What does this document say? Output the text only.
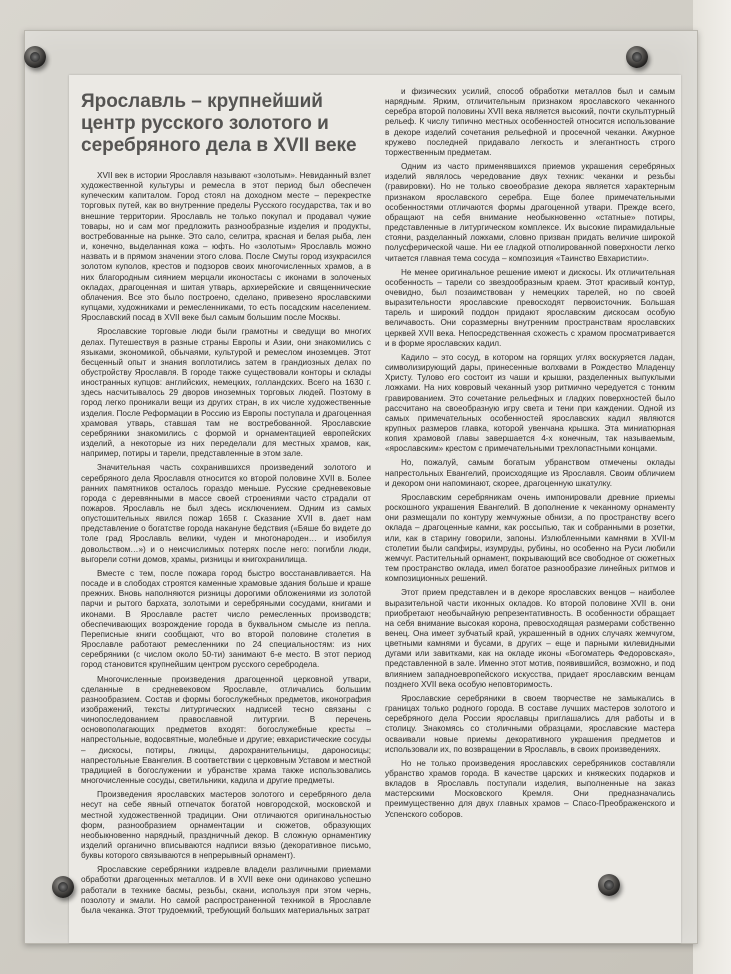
Ярославль – крупнейший центр русского золотого и серебряного дела в XVII веке

XVII век в истории Ярославля называют «золотым». Невиданный взлет художественной культуры и ремесла в этот период был обеспечен купеческим капиталом. Город стоял на доходном месте – перекрестке торговых путей, как во внутренние пределы Русского государства, так и во внешние территории. Ярославль не только покупал и продавал чужие товары, но и сам мог предложить разнообразные изделия и продукты, востребованные на рынке. Это сало, селитра, красная и белая рыба, лен и, конечно, выделанная кожа – юфть. Но «золотым» Ярославль можно назвать и в прямом значении этого слова. После Смуты город изукрасился золотом куполов, крестов и подзоров своих многочисленных храмов, а в них благородным сиянием мерцали иконостасы с иконами в золоченых окладах, драгоценная и шитая утварь, архиерейские и священнические облачения. Все это было построено, сделано, привезено ярославскими купцами, художниками и ремесленниками, то есть посадским населением. Ярославский посад в XVII веке был самым большим после Москвы.

Ярославские торговые люди были грамотны и сведущи во многих делах. Путешествуя в разные страны Европы и Азии, они знакомились с языками, экономикой, обычаями, культурой и ремеслом иноземцев. Этот бесценный опыт и знания воплотились затем в грандиозных делах по обустройству Ярославля. В городе также существовали конторы и склады иностранных купцов: английских, немецких, голландских. Всего на 1630 г. здесь насчитывалось 29 дворов иноземных торговых людей. Поэтому в город легко проникали вещи из других стран, в их числе художественные изделия. После Реформации в Россию из Европы поступала и драгоценная храмовая утварь, ставшая там не востребованной. Ярославские серебряники знакомились с формой и орнаментацией европейских изделий, а некоторые из них переделали для местных храмов, как, например, потиры и тарели, представленные в этом зале.

Значительная часть сохранившихся произведений золотого и серебряного дела Ярославля относится ко второй половине XVII в. Более ранних памятников осталось гораздо меньше. Русские средневековые города с деревянными в массе своей строениями часто страдали от пожаров. Ярославль не был здесь исключением. Одним из самых опустошительных явился пожар 1658 г. Сказание XVII в. дает нам представление о богатстве города накануне бедствия («Бяше бо видете до толе град Ярославль велики, чуден и многонароден… и изобилуя довольством…») и о неисчислимых потерях после него: погибли люди, выгорели сотни домов, храмы, ризницы и книгохранилища.

Вместе с тем, после пожара город быстро восстанавливается. На посаде и в слободах строятся каменные храмовые здания больше и краше прежних. Вновь наполняются ризницы дорогими обложениями из золотой парчи и рытого бархата, золотыми и серебряными сосудами, книгами и иконами. В Ярославле растет число ремесленных производств; обеспечивающих возрождение города в буквальном смысле из пепла. Переписные книги сообщают, что во второй половине столетия в Ярославле работают ремесленники по 24 специальностям: из них серебряники (с числом около 50-ти) занимают 6-е место. В этот период город становится крупнейшим центром русского серебродела.

Многочисленные произведения драгоценной церковной утвари, сделанные в средневековом Ярославле, отличались большим разнообразием. Состав и формы богослужебных предметов, иконография изображений, тексты литургических надписей тесно связаны с чинопоследованием православной литургии. В перечень основополагающих предметов входят: богослужебные кресты – напрестольные, водосвятные, молебные и другие; евхаристические сосуды – дискосы, потиры, лжицы, дарохранительницы, дароносицы; напрестольные Евангелия. В соответствии с церковным Уставом и местной традицией в богослужении и убранстве храма также использовались многочисленные сосуды, светильники, кадила и другие предметы.

Произведения ярославских мастеров золотого и серебряного дела несут на себе явный отпечаток богатой новгородской, московской и местной художественной традиции. Они отличаются оригинальностью форм, разнообразием орнаментации и сюжетов, образующих необыкновенно нарядный, праздничный декор. В сложную орнаментику изделий органично вписываются надписи вязью (декоративное письмо, буквы которого связываются в непрерывный орнамент).

Ярославские серебряники издревле владели различными приемами обработки драгоценных металлов. И в XVII веке они одинаково успешно работали в технике басмы, резьбы, скани, используя при этом чернь, позолоту и эмали. Но самой распространенной техникой в Ярославле была чеканка. Этот трудоемкий, требующий больших материальных затрат

и физических усилий, способ обработки металлов был и самым нарядным. Ярким, отличительным признаком ярославского чеканного серебра второй половины XVII века является высокий, почти скульптурный рельеф. К числу типично местных особенностей относится использование в декоре изделий сочетания рельефной и просечной чеканки. Ажурное кружево последней придавало легкость и элегантность строго торжественным предметам.

Одним из часто применявшихся приемов украшения серебряных изделий являлось чередование двух техник: чеканки и резьбы (гравировки). Но не только своеобразие декора является характерным признаком ярославского серебра. Еще более примечательными особенностями отличаются формы драгоценной утвари. Прежде всего, обращают на себя внимание необыкновенно «статные» потиры, представленные в литургическом комплексе. Их высокие пирамидальные стояни, разделанный ложками, словно призван придать величие широкой полусферической чаше. Ни ее гладкой отполированной поверхности легко читается главная тема сосуда – композиция «Таинство Евхаристии».

Не менее оригинальное решение имеют и дискосы. Их отличительная особенность – тарели со звездообразным краем. Этот красивый контур, очевидно, был позаимствован у немецких тарелей, но по своей выразительности ярославские превосходят первоисточник. Большая тарель и широкий поддон придают ярославским дискосам особую величавость. Они соразмерны внутренним пространствам ярославских церквей XVII века. Непосредственная схожесть с храмом просматривается и в форме ярославских кадил.

Кадило – это сосуд, в котором на горящих углях воскуряется ладан, символизирующий дары, принесенные волхвами в Рождество Младенцу Христу. Тулово его состоит из чаши и крышки, разделенных выпуклыми ложками. На них ковровый чеканный узор ритмично чередуется с тонким гравированием. Это сочетание рельефных и гладких поверхностей было рассчитано на своеобразную игру света и тени при каждении. Одной из самых примечательных особенностей ярославских кадил являются крупных размеров главка, которой увенчана крышка. Эта миниатюрная копия храмовой главы завершается 4-х конечным, так называемым, «ярославским» крестом с примечательными трехлопастными концами.

Но, пожалуй, самым богатым убранством отмечены оклады напрестольных Евангелий, происходящие из Ярославля. Своим обличием и декором они напоминают, скорее, драгоценную шкатулку.

Ярославским серебряникам очень импонировали древние приемы роскошного украшения Евангелий. В дополнение к чеканному орнаменту они размещали по контуру жемчужные обнизи, а по пространству всего оклада – драгоценные камни, как россыпью, так и собранными в розетки, или, как в старину говорили, запоны. Излюбленными камнями в XVII-м столетии были сапфиры, изумруды, рубины, но особенно на Руси любили жемчуг. Растительный орнамент, покрывающий все свободное от сюжетных тем пространство оклада, имел богатое разнообразие линейных ритмов и композиционных решений.

Этот прием представлен и в декоре ярославских венцов – наиболее выразительной части иконных окладов. Ко второй половине XVII в. они приобретают необычайную репрезентативность. В особенности обращает на себя внимание высокая корона, превосходящая размерами собственно венец. Она имеет зубчатый край, украшенный в одних случаях жемчугом, цветными камнями и бусами, в других – еще и парными килевидными дугами или завитками, как на окладе иконы «Богоматерь Федоровская», представленной в зале. Именно этот мотив, появившийся, возможно, и под влиянием западноевропейского искусства, придает ярославским венцам позднего XVII века особую неповторимость.

Ярославские серебряники в своем творчестве не замыкались в границах только родного города. В составе лучших мастеров золотого и серебряного дела России ярославцы приглашались для работы и в столицу. Знакомясь со столичными образцами, ярославские мастера осваивали новые приемы декоративного украшения предметов и использовали их, по возвращении в Ярославль, в своих произведениях.

Но не только произведения ярославских серебряников составляли убранство храмов города. В качестве царских и княжеских подарков и вкладов в Ярославль поступали изделия, выполненные на заказ мастерскими Московского Кремля. Они предназначались преимущественно для двух главных храмов – Спасо-Преображенского и Успенского соборов.
